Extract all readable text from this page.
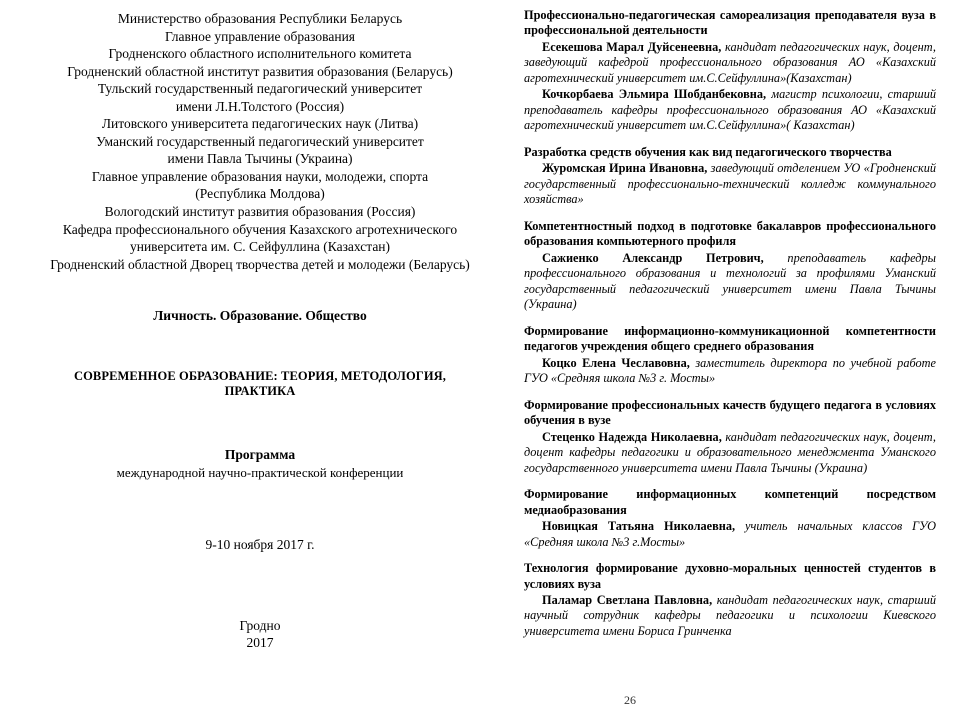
Министерство образования Республики Беларусь
Главное управление образования
Гродненского областного исполнительного комитета
Гродненский областной институт развития образования (Беларусь)
Тульский государственный педагогический университет
имени Л.Н.Толстого (Россия)
Литовского университета педагогических наук (Литва)
Уманский государственный педагогический университет
имени Павла Тычины (Украина)
Главное управление образования науки, молодежи, спорта
(Республика Молдова)
Вологодский институт развития образования (Россия)
Кафедра профессионального обучения Казахского агротехнического
университета им. С. Сейфуллина (Казахстан)
Гродненский областной Дворец творчества детей и молодежи (Беларусь)
Личность. Образование. Общество
СОВРЕМЕННОЕ ОБРАЗОВАНИЕ: ТЕОРИЯ, МЕТОДОЛОГИЯ, ПРАКТИКА
Программа
международной научно-практической конференции
9-10 ноября 2017 г.
Гродно
2017
Профессионально-педагогическая самореализация преподавателя вуза в профессиональной деятельности
Есекешова Марал Дуйсенеевна, кандидат педагогических наук, доцент, заведующий кафедрой профессионального образования АО «Казахский агротехнический университет им.С.Сейфуллина»(Казахстан)
Кочкорбаева Эльмира Шобданбековна, магистр психологии, старший преподаватель кафедры профессионального образования АО «Казахский агротехнический университет им.С.Сейфуллина»( Казахстан)
Разработка средств обучения как вид педагогического творчества
Журомская Ирина Ивановна, заведующий отделением УО «Гродненский государственный профессионально-технический колледж коммунального хозяйства»
Компетентностный подход в подготовке бакалавров профессионального образования компьютерного профиля
Сажиенко Александр Петрович, преподаватель кафедры профессионального образования и технологий за профилями Уманский государственный педагогический университет имени Павла Тычины (Украина)
Формирование информационно-коммуникационной компетентности педагогов учреждения общего среднего образования
Коцко Елена Чеславовна, заместитель директора по учебной работе ГУО «Средняя школа №3 г. Мосты»
Формирование профессиональных качеств будущего педагога в условиях обучения в вузе
Стеценко Надежда Николаевна, кандидат педагогических наук, доцент, доцент кафедры педагогики и образовательного менеджмента Уманского государственного университета имени Павла Тычины (Украина)
Формирование информационных компетенций посредством медиаобразования
Новицкая Татьяна Николаевна, учитель начальных классов ГУО «Средняя школа №3 г.Мосты»
Технология формирование духовно-моральных ценностей студентов в условиях вуза
Паламар Светлана Павловна, кандидат педагогических наук, старший научный сотрудник кафедры педагогики и психологии Киевского университета имени Бориса Гринченка
26
